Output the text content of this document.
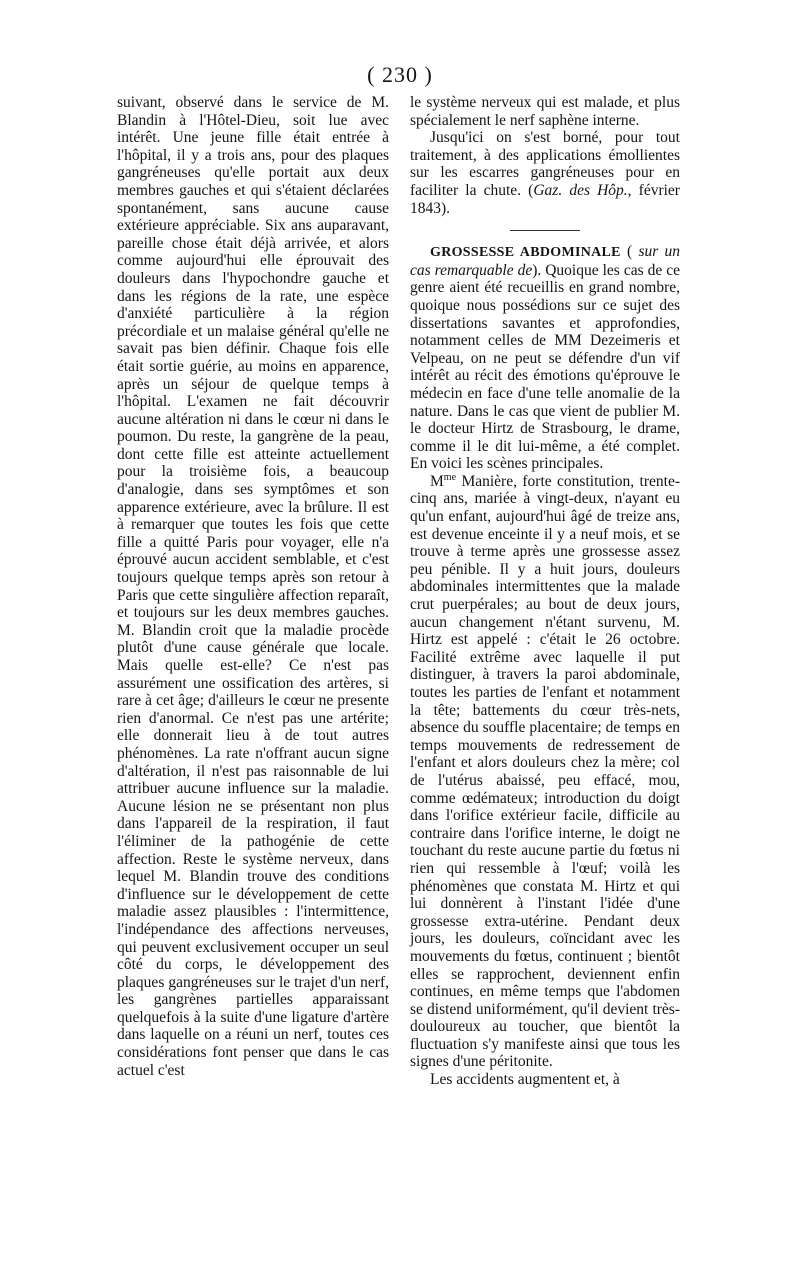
( 230 )

suivant, observé dans le service de M. Blandin à l'Hôtel-Dieu, soit lue avec intérêt. Une jeune fille était entrée à l'hôpital, il y a trois ans, pour des plaques gangréneuses qu'elle portait aux deux membres gauches et qui s'étaient déclarées spontanément, sans aucune cause extérieure appréciable. Six ans auparavant, pareille chose était déjà arrivée, et alors comme aujourd'hui elle éprouvait des douleurs dans l'hypochondre gauche et dans les régions de la rate, une espèce d'anxiété particulière à la région précordiale et un malaise général qu'elle ne savait pas bien définir. Chaque fois elle était sortie guérie, au moins en apparence, après un séjour de quelque temps à l'hôpital. L'examen ne fait découvrir aucune altération ni dans le cœur ni dans le poumon. Du reste, la gangrène de la peau, dont cette fille est atteinte actuellement pour la troisième fois, a beaucoup d'analogie, dans ses symptômes et son apparence extérieure, avec la brûlure. Il est à remarquer que toutes les fois que cette fille a quitté Paris pour voyager, elle n'a éprouvé aucun accident semblable, et c'est toujours quelque temps après son retour à Paris que cette singulière affection reparaît, et toujours sur les deux membres gauches. M. Blandin croit que la maladie procède plutôt d'une cause générale que locale. Mais quelle est-elle? Ce n'est pas assurément une ossification des artères, si rare à cet âge; d'ailleurs le cœur ne presente rien d'anormal. Ce n'est pas une artérite; elle donnerait lieu à de tout autres phénomènes. La rate n'offrant aucun signe d'altération, il n'est pas raisonnable de lui attribuer aucune influence sur la maladie. Aucune lésion ne se présentant non plus dans l'appareil de la respiration, il faut l'éliminer de la pathogénie de cette affection. Reste le système nerveux, dans lequel M. Blandin trouve des conditions d'influence sur le développement de cette maladie assez plausibles : l'intermittence, l'indépendance des affections nerveuses, qui peuvent exclusivement occuper un seul côté du corps, le développement des plaques gangréneuses sur le trajet d'un nerf, les gangrènes partielles apparaissant quelquefois à la suite d'une ligature d'artère dans laquelle on a réuni un nerf, toutes ces considérations font penser que dans le cas actuel c'est

le système nerveux qui est malade, et plus spécialement le nerf saphène interne.

Jusqu'ici on s'est borné, pour tout traitement, à des applications émollientes sur les escarres gangréneuses pour en faciliter la chute. (Gaz. des Hôp., février 1843).

GROSSESSE ABDOMINALE ( sur un cas remarquable de). Quoique les cas de ce genre aient été recueillis en grand nombre, quoique nous possédions sur ce sujet des dissertations savantes et approfondies, notamment celles de MM Dezeimeris et Velpeau, on ne peut se défendre d'un vif intérêt au récit des émotions qu'éprouve le médecin en face d'une telle anomalie de la nature. Dans le cas que vient de publier M. le docteur Hirtz de Strasbourg, le drame, comme il le dit lui-même, a été complet. En voici les scènes principales.

$M^{me}$ Manière, forte constitution, trente-cinq ans, mariée à vingt-deux, n'ayant eu qu'un enfant, aujourd'hui âgé de treize ans, est devenue enceinte il y a neuf mois, et se trouve à terme après une grossesse assez peu pénible. Il y a huit jours, douleurs abdominales intermittentes que la malade crut puerpérales; au bout de deux jours, aucun changement n'étant survenu, M. Hirtz est appelé : c'était le 26 octobre. Facilité extrême avec laquelle il put distinguer, à travers la paroi abdominale, toutes les parties de l'enfant et notamment la tête; battements du cœur très-nets, absence du souffle placentaire; de temps en temps mouvements de redressement de l'enfant et alors douleurs chez la mère; col de l'utérus abaissé, peu effacé, mou, comme œdémateux; introduction du doigt dans l'orifice extérieur facile, difficile au contraire dans l'orifice interne, le doigt ne touchant du reste aucune partie du fœtus ni rien qui ressemble à l'œuf; voilà les phénomènes que constata M. Hirtz et qui lui donnèrent à l'instant l'idée d'une grossesse extra-utérine. Pendant deux jours, les douleurs, coïncidant avec les mouvements du fœtus, continuent ; bientôt elles se rapprochent, deviennent enfin continues, en même temps que l'abdomen se distend uniformément, qu'il devient très-douloureux au toucher, que bientôt la fluctuation s'y manifeste ainsi que tous les signes d'une péritonite.

Les accidents augmentent et, à
